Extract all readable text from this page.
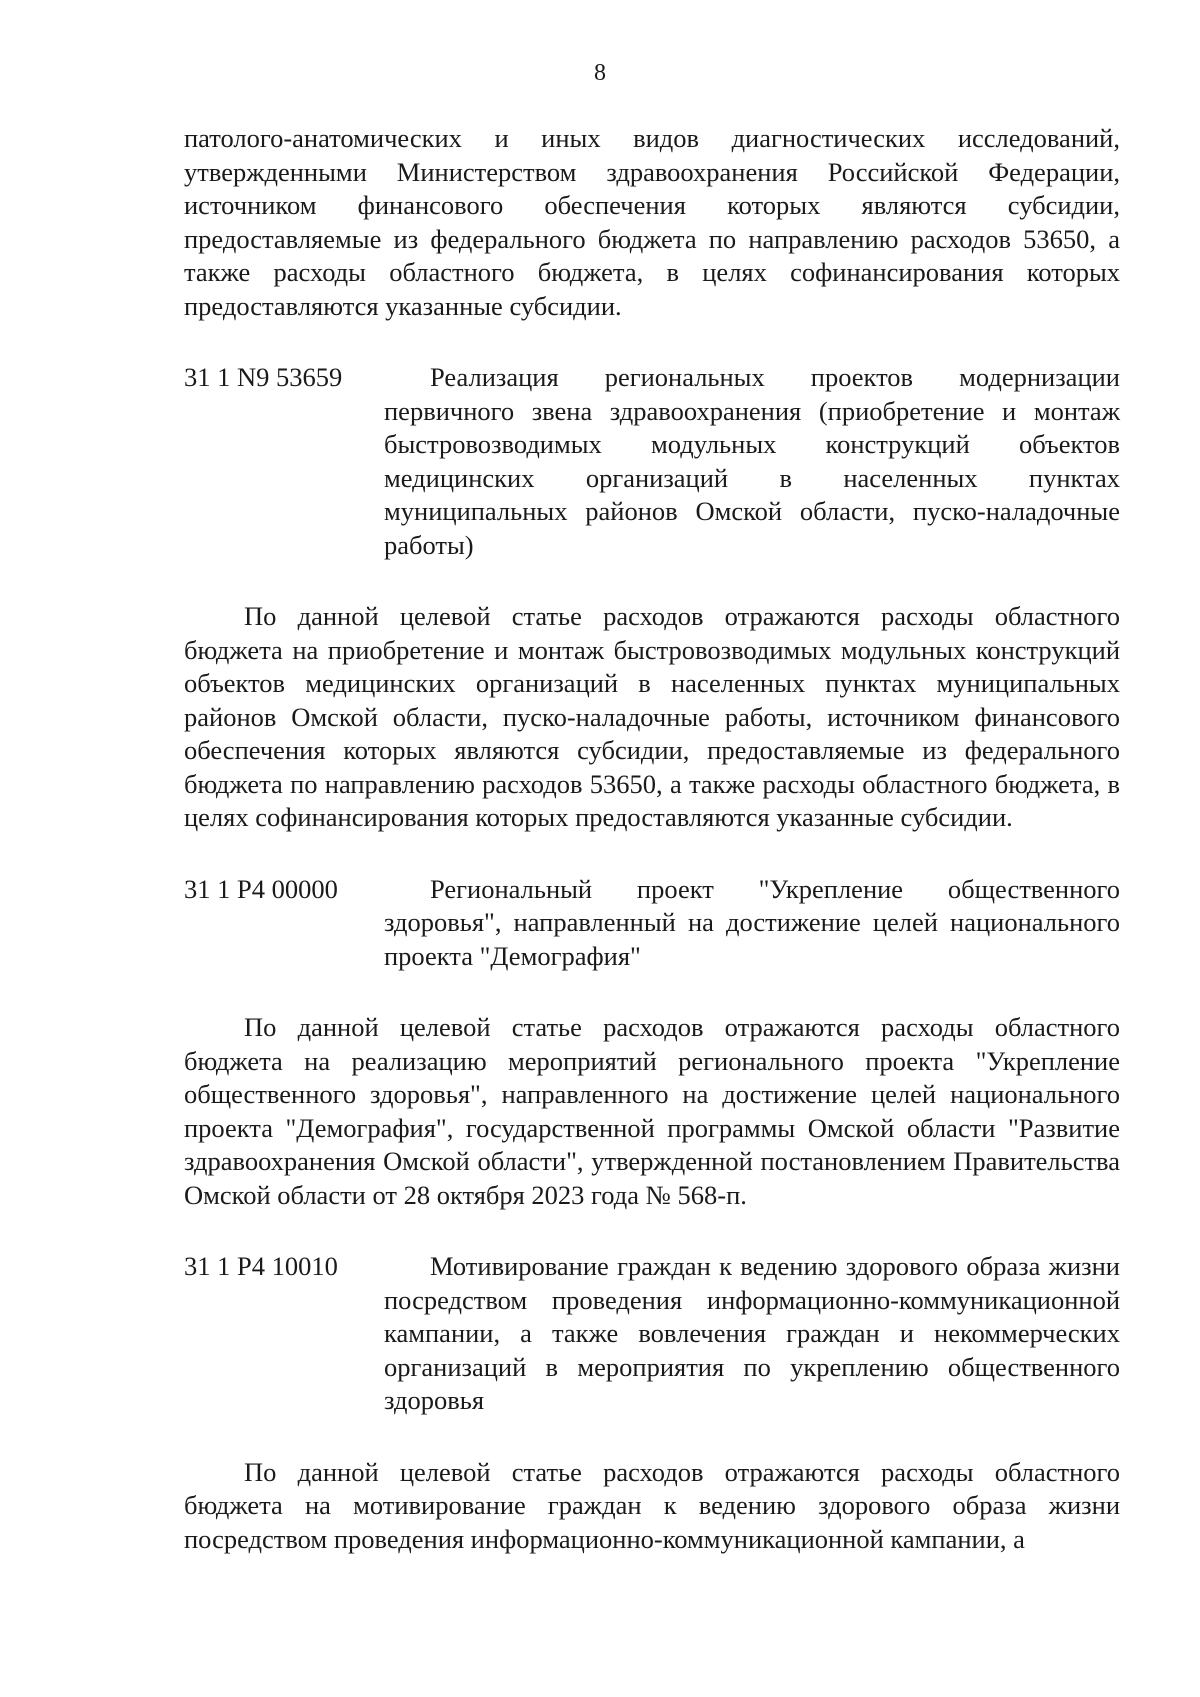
8

патолого-анатомических и иных видов диагностических исследований, утвержденными Министерством здравоохранения Российской Федерации, источником финансового обеспечения которых являются субсидии, предоставляемые из федерального бюджета по направлению расходов 53650, а также расходы областного бюджета, в целях софинансирования которых предоставляются указанные субсидии.

31 1 N9 53659	Реализация региональных проектов модернизации первичного звена здравоохранения (приобретение и монтаж быстровозводимых модульных конструкций объектов медицинских организаций в населенных пунктах муниципальных районов Омской области, пуско-наладочные работы)

По данной целевой статье расходов отражаются расходы областного бюджета на приобретение и монтаж быстровозводимых модульных конструкций объектов медицинских организаций в населенных пунктах муниципальных районов Омской области, пуско-наладочные работы, источником финансового обеспечения которых являются субсидии, предоставляемые из федерального бюджета по направлению расходов 53650, а также расходы областного бюджета, в целях софинансирования которых предоставляются указанные субсидии.

31 1 P4 00000	Региональный проект "Укрепление общественного здоровья", направленный на достижение целей национального проекта "Демография"

По данной целевой статье расходов отражаются расходы областного бюджета на реализацию мероприятий регионального проекта "Укрепление общественного здоровья", направленного на достижение целей национального проекта "Демография", государственной программы Омской области "Развитие здравоохранения Омской области", утвержденной постановлением Правительства Омской области от 28 октября 2023 года № 568-п.

31 1 P4 10010	Мотивирование граждан к ведению здорового образа жизни посредством проведения информационно-коммуникационной кампании, а также вовлечения граждан и некоммерческих организаций в мероприятия по укреплению общественного здоровья

По данной целевой статье расходов отражаются расходы областного бюджета на мотивирование граждан к ведению здорового образа жизни посредством проведения информационно-коммуникационной кампании, а
